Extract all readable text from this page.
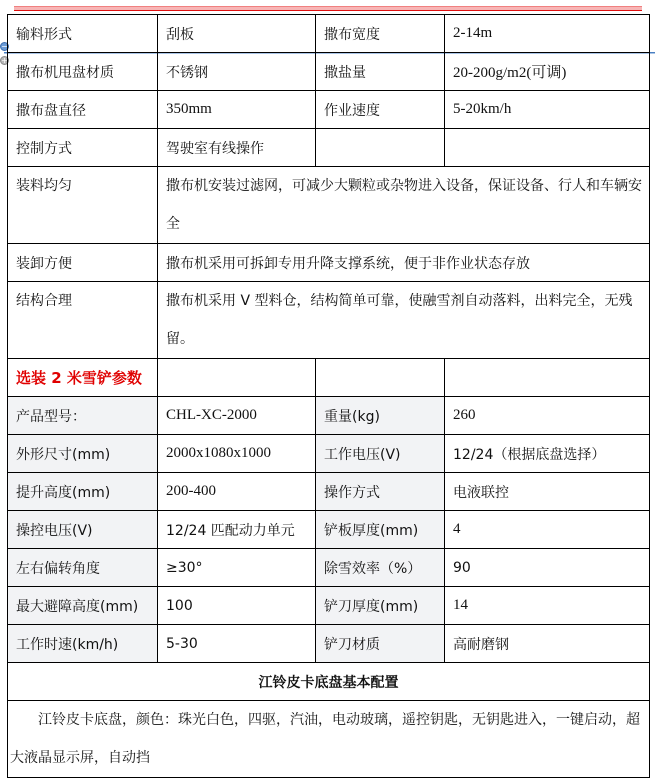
−
+
输料形式	刮板	撒布宽度	2-14m
撒布机甩盘材质	不锈钢	撒盐量	20-200g/m2(可调)
撒布盘直径	350mm	作业速度	5-20km/h
控制方式	驾驶室有线操作		
装料均匀	撒布机安装过滤网，可减少大颗粒或杂物进入设备，保证设备、行人和车辆安全		
装卸方便	撒布机采用可拆卸专用升降支撑系统，便于非作业状态存放		
结构合理	撒布机采用 V 型料仓，结构简单可靠，使融雪剂自动落料，出料完全，无残留。		
选装 2 米雪铲参数			
产品型号：	CHL-XC-2000	重量(kg)	260
外形尺寸(mm)	2000x1080x1000	工作电压(V)	12/24（根据底盘选择）
提升高度(mm)	200-400	操作方式	电液联控
操控电压(V)	12/24 匹配动力单元	铲板厚度(mm)	4
左右偏转角度	≥30°	除雪效率（%）	90
最大避障高度(mm)	100	铲刀厚度(mm)	14
工作时速(km/h)	5-30	铲刀材质	高耐磨钢
江铃皮卡底盘基本配置			
江铃皮卡底盘，颜色：珠光白色，四驱，汽油，电动玻璃，遥控钥匙，无钥匙进入，一键启动，超大液晶显示屏，自动挡			
